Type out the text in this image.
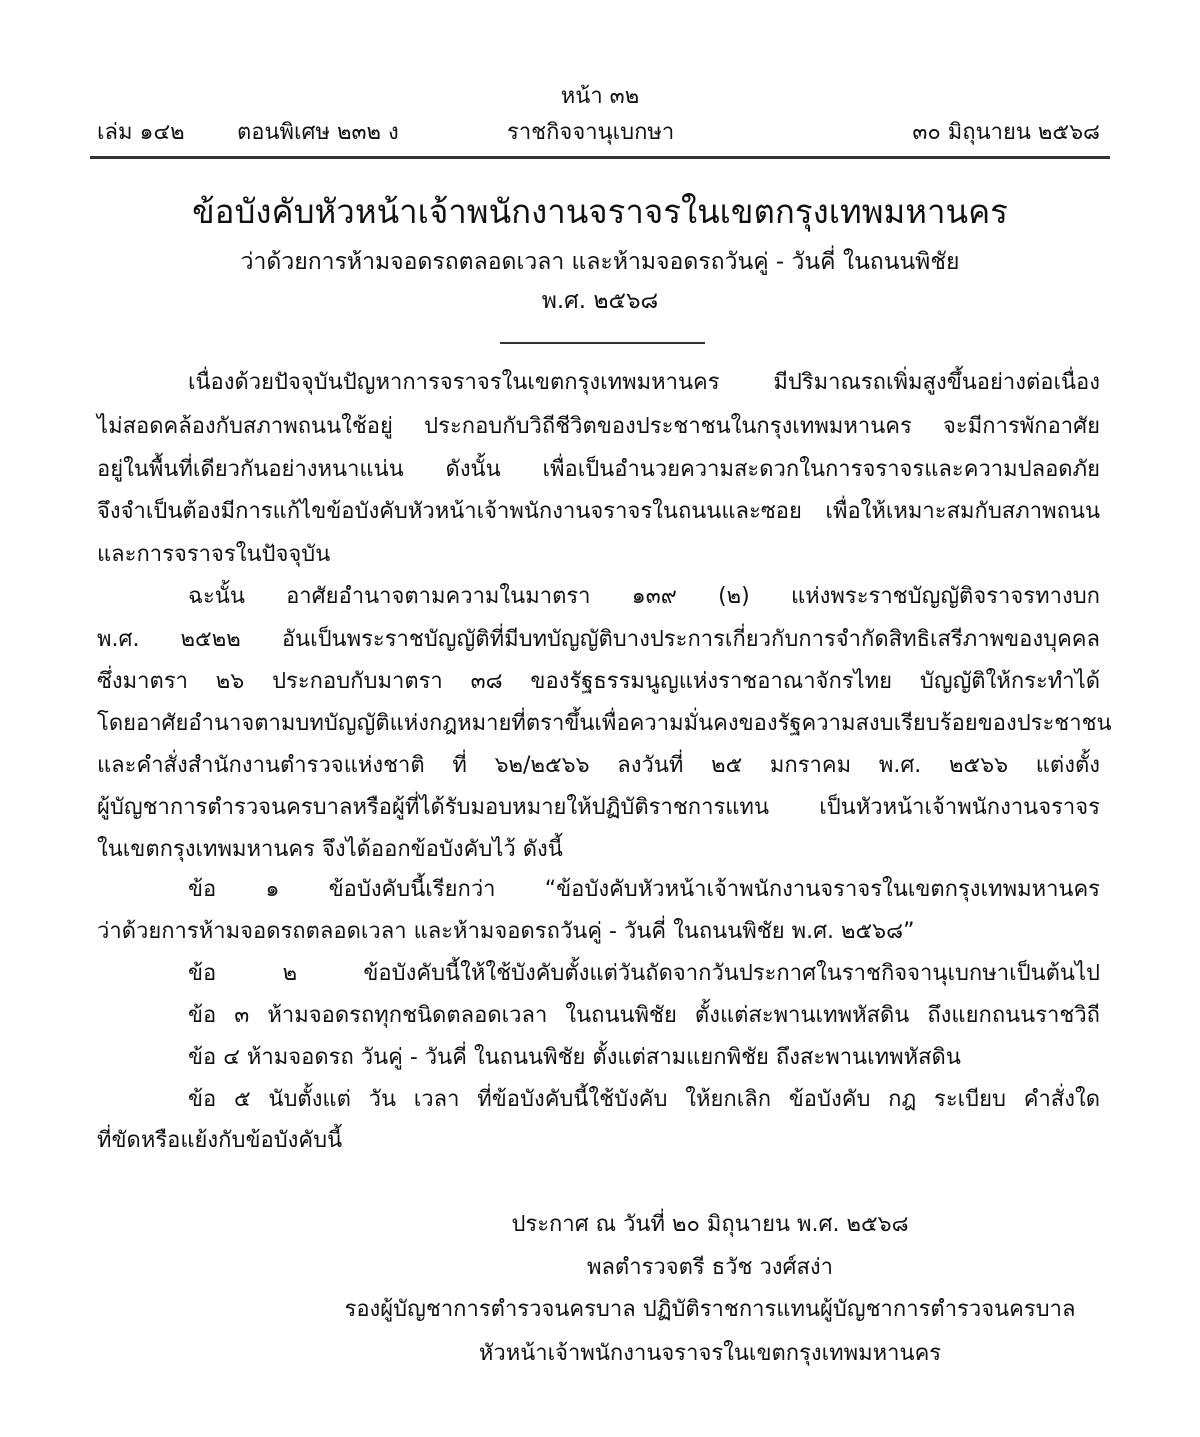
หน้า ๓๒
เล่ม ๑๔๒ ตอนพิเศษ ๒๓๒ ง	ราชกิจจานุเบกษา	๓๐ มิถุนายน ๒๕๖๘
ข้อบังคับหัวหน้าเจ้าพนักงานจราจรในเขตกรุงเทพมหานคร
ว่าด้วยการห้ามจอดรถตลอดเวลา และห้ามจอดรถวันคู่ - วันคี่ ในถนนพิชัย
พ.ศ. ๒๕๖๘
เนื่องด้วยปัจจุบันปัญหาการจราจรในเขตกรุงเทพมหานคร มีปริมาณรถเพิ่มสูงขึ้นอย่างต่อเนื่อง
ไม่สอดคล้องกับสภาพถนนใช้อยู่ ประกอบกับวิถีชีวิตของประชาชนในกรุงเทพมหานคร จะมีการพักอาศัย
อยู่ในพื้นที่เดียวกันอย่างหนาแน่น ดังนั้น เพื่อเป็นอำนวยความสะดวกในการจราจรและความปลอดภัย
จึงจำเป็นต้องมีการแก้ไขข้อบังคับหัวหน้าเจ้าพนักงานจราจรในถนนและซอย เพื่อให้เหมาะสมกับสภาพถนน
และการจราจรในปัจจุบัน
ฉะนั้น อาศัยอำนาจตามความในมาตรา ๑๓๙ (๒) แห่งพระราชบัญญัติจราจรทางบก
พ.ศ. ๒๕๒๒ อันเป็นพระราชบัญญัติที่มีบทบัญญัติบางประการเกี่ยวกับการจำกัดสิทธิเสรีภาพของบุคคล
ซึ่งมาตรา ๒๖ ประกอบกับมาตรา ๓๘ ของรัฐธรรมนูญแห่งราชอาณาจักรไทย บัญญัติให้กระทำได้
โดยอาศัยอำนาจตามบทบัญญัติแห่งกฎหมายที่ตราขึ้นเพื่อความมั่นคงของรัฐความสงบเรียบร้อยของประชาชน
และคำสั่งสำนักงานตำรวจแห่งชาติ ที่ ๖๒/๒๕๖๖ ลงวันที่ ๒๕ มกราคม พ.ศ. ๒๕๖๖ แต่งตั้ง
ผู้บัญชาการตำรวจนครบาลหรือผู้ที่ได้รับมอบหมายให้ปฏิบัติราชการแทน เป็นหัวหน้าเจ้าพนักงานจราจร
ในเขตกรุงเทพมหานคร จึงได้ออกข้อบังคับไว้ ดังนี้
ข้อ ๑ ข้อบังคับนี้เรียกว่า “ข้อบังคับหัวหน้าเจ้าพนักงานจราจรในเขตกรุงเทพมหานคร
ว่าด้วยการห้ามจอดรถตลอดเวลา และห้ามจอดรถวันคู่ - วันคี่ ในถนนพิชัย พ.ศ. ๒๕๖๘”
ข้อ ๒ ข้อบังคับนี้ให้ใช้บังคับตั้งแต่วันถัดจากวันประกาศในราชกิจจานุเบกษาเป็นต้นไป
ข้อ ๓ ห้ามจอดรถทุกชนิดตลอดเวลา ในถนนพิชัย ตั้งแต่สะพานเทพหัสดิน ถึงแยกถนนราชวิถี
ข้อ ๔ ห้ามจอดรถ วันคู่ - วันคี่ ในถนนพิชัย ตั้งแต่สามแยกพิชัย ถึงสะพานเทพหัสดิน
ข้อ ๕ นับตั้งแต่ วัน เวลา ที่ข้อบังคับนี้ใช้บังคับ ให้ยกเลิก ข้อบังคับ กฎ ระเบียบ คำสั่งใด
ที่ขัดหรือแย้งกับข้อบังคับนี้
ประกาศ ณ วันที่ ๒๐ มิถุนายน พ.ศ. ๒๕๖๘
พลตำรวจตรี ธวัช วงศ์สง่า
รองผู้บัญชาการตำรวจนครบาล ปฏิบัติราชการแทนผู้บัญชาการตำรวจนครบาล
หัวหน้าเจ้าพนักงานจราจรในเขตกรุงเทพมหานคร
